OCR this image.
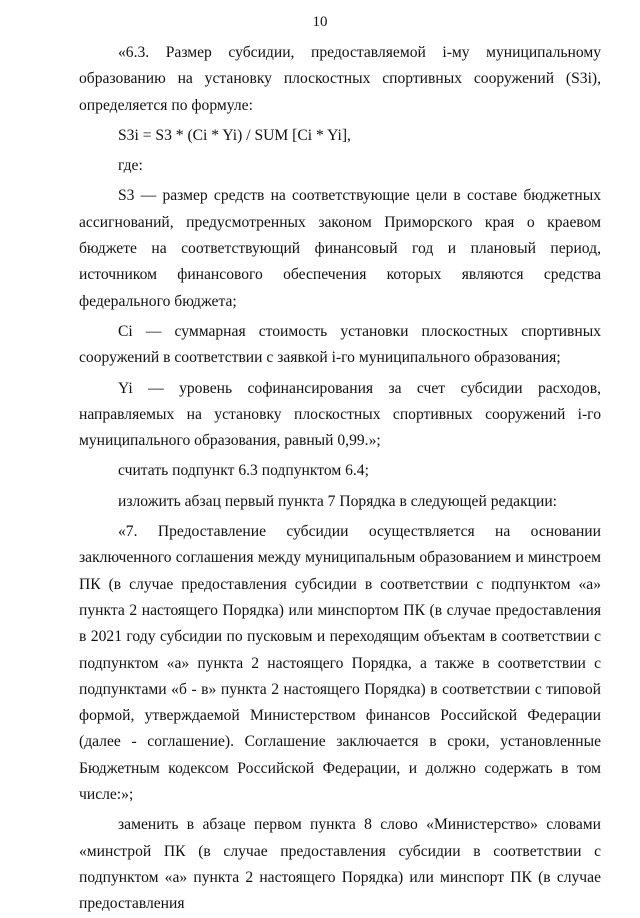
10

«6.3. Размер субсидии, предоставляемой i-му муниципальному образованию на установку плоскостных спортивных сооружений (S3i), определяется по формуле:

S3i = S3 * (Ci * Yi) / SUM [Ci * Yi],

где:

S3 — размер средств на соответствующие цели в составе бюджетных ассигнований, предусмотренных законом Приморского края о краевом бюджете на соответствующий финансовый год и плановый период, источником финансового обеспечения которых являются средства федерального бюджета;

Ci — суммарная стоимость установки плоскостных спортивных сооружений в соответствии с заявкой i-го муниципального образования;

Yi — уровень софинансирования за счет субсидии расходов, направляемых на установку плоскостных спортивных сооружений i-го муниципального образования, равный 0,99.»;

считать подпункт 6.3 подпунктом 6.4;

изложить абзац первый пункта 7 Порядка в следующей редакции:

«7. Предоставление субсидии осуществляется на основании заключенного соглашения между муниципальным образованием и минстроем ПК (в случае предоставления субсидии в соответствии с подпунктом «а» пункта 2 настоящего Порядка) или минспортом ПК (в случае предоставления в 2021 году субсидии по пусковым и переходящим объектам в соответствии с подпунктом «а» пункта 2 настоящего Порядка, а также в соответствии с подпунктами «б - в» пункта 2 настоящего Порядка) в соответствии с типовой формой, утверждаемой Министерством финансов Российской Федерации (далее - соглашение). Соглашение заключается в сроки, установленные Бюджетным кодексом Российской Федерации, и должно содержать в том числе:»;

заменить в абзаце первом пункта 8 слово «Министерство» словами «минстрой ПК (в случае предоставления субсидии в соответствии с подпунктом «а» пункта 2 настоящего Порядка) или минспорт ПК (в случае предоставления
